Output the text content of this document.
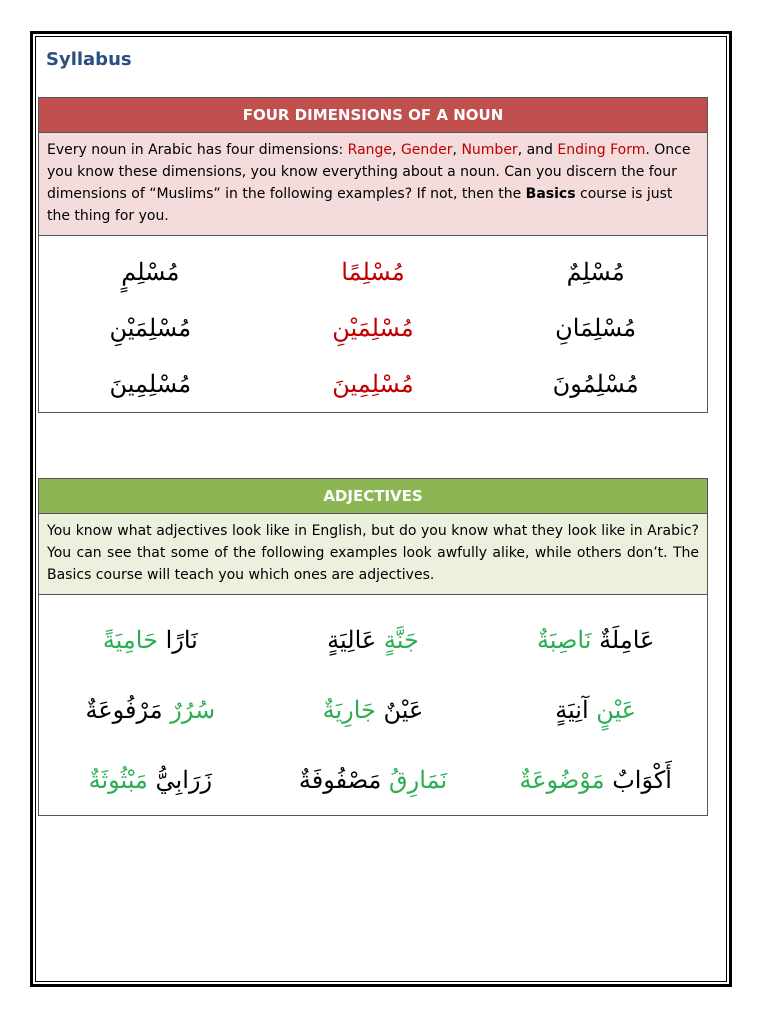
Syllabus
FOUR DIMENSIONS OF A NOUN
Every noun in Arabic has four dimensions: Range, Gender, Number, and Ending Form. Once you know these dimensions, you know everything about a noun. Can you discern the four dimensions of “Muslims” in the following examples? If not, then the Basics course is just the thing for you.
مُسْلِمٍ	مُسْلِمًا	مُسْلِمٌ
مُسْلِمَيْنِ	مُسْلِمَيْنِ	مُسْلِمَانِ
مُسْلِمِينَ	مُسْلِمِينَ	مُسْلِمُونَ
ADJECTIVES
You know what adjectives look like in English, but do you know what they look like in Arabic? You can see that some of the following examples look awfully alike, while others don’t. The Basics course will teach you which ones are adjectives.
نَارًا حَامِيَةً	جَنَّةٍ عَالِيَةٍ	عَامِلَةٌ نَاصِبَةٌ
سُرُرٌ مَرْفُوعَةٌ	عَيْنٌ جَارِيَةٌ	عَيْنٍ آنِيَةٍ
زَرَابِيُّ مَبْثُوثَةٌ	نَمَارِقُ مَصْفُوفَةٌ	أَكْوَابٌ مَوْضُوعَةٌ
